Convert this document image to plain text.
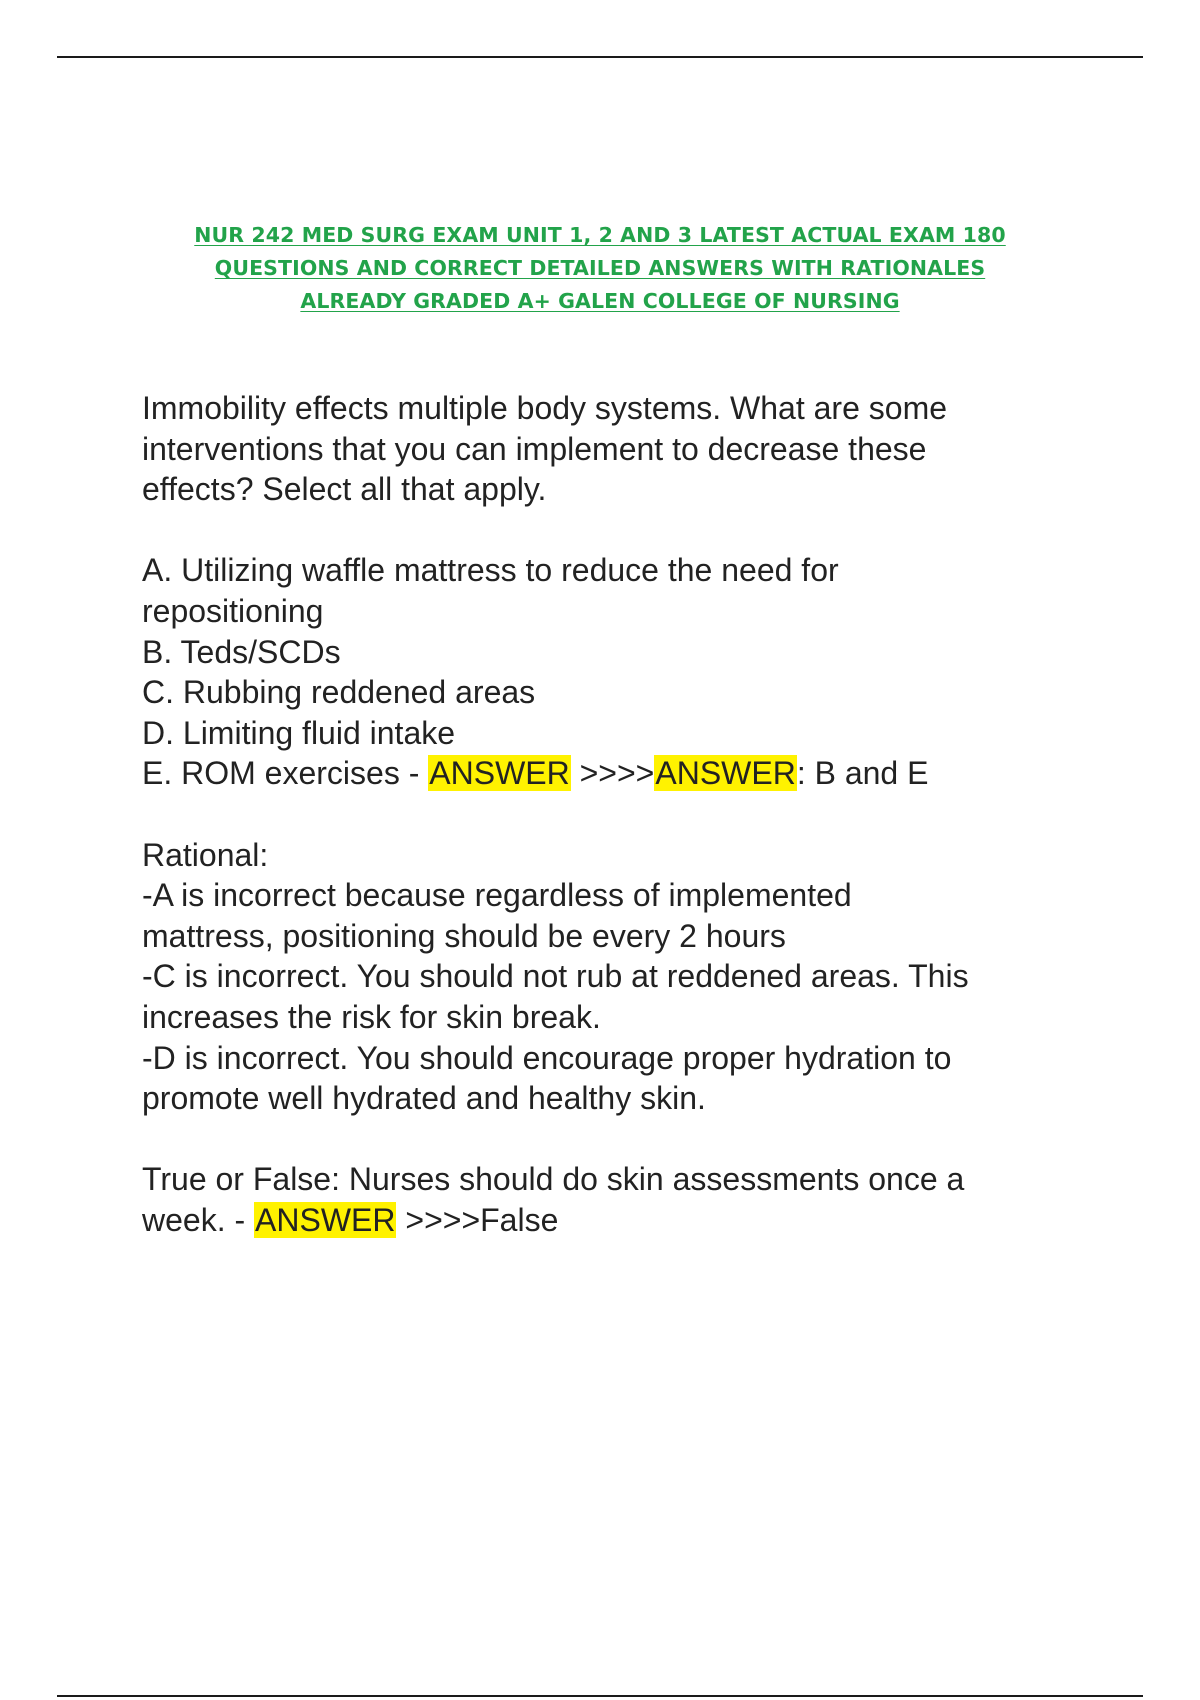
NUR 242 MED SURG EXAM UNIT 1, 2 AND 3 LATEST ACTUAL EXAM 180
QUESTIONS AND CORRECT DETAILED ANSWERS WITH RATIONALES
ALREADY GRADED A+ GALEN COLLEGE OF NURSING
Immobility effects multiple body systems. What are some
interventions that you can implement to decrease these
effects? Select all that apply.
A. Utilizing waffle mattress to reduce the need for
repositioning
B. Teds/SCDs
C. Rubbing reddened areas
D. Limiting fluid intake
E. ROM exercises - ANSWER >>>>ANSWER: B and E
Rational:
-A is incorrect because regardless of implemented
mattress, positioning should be every 2 hours
-C is incorrect. You should not rub at reddened areas. This
increases the risk for skin break.
-D is incorrect. You should encourage proper hydration to
promote well hydrated and healthy skin.
True or False: Nurses should do skin assessments once a
week. - ANSWER >>>>False
